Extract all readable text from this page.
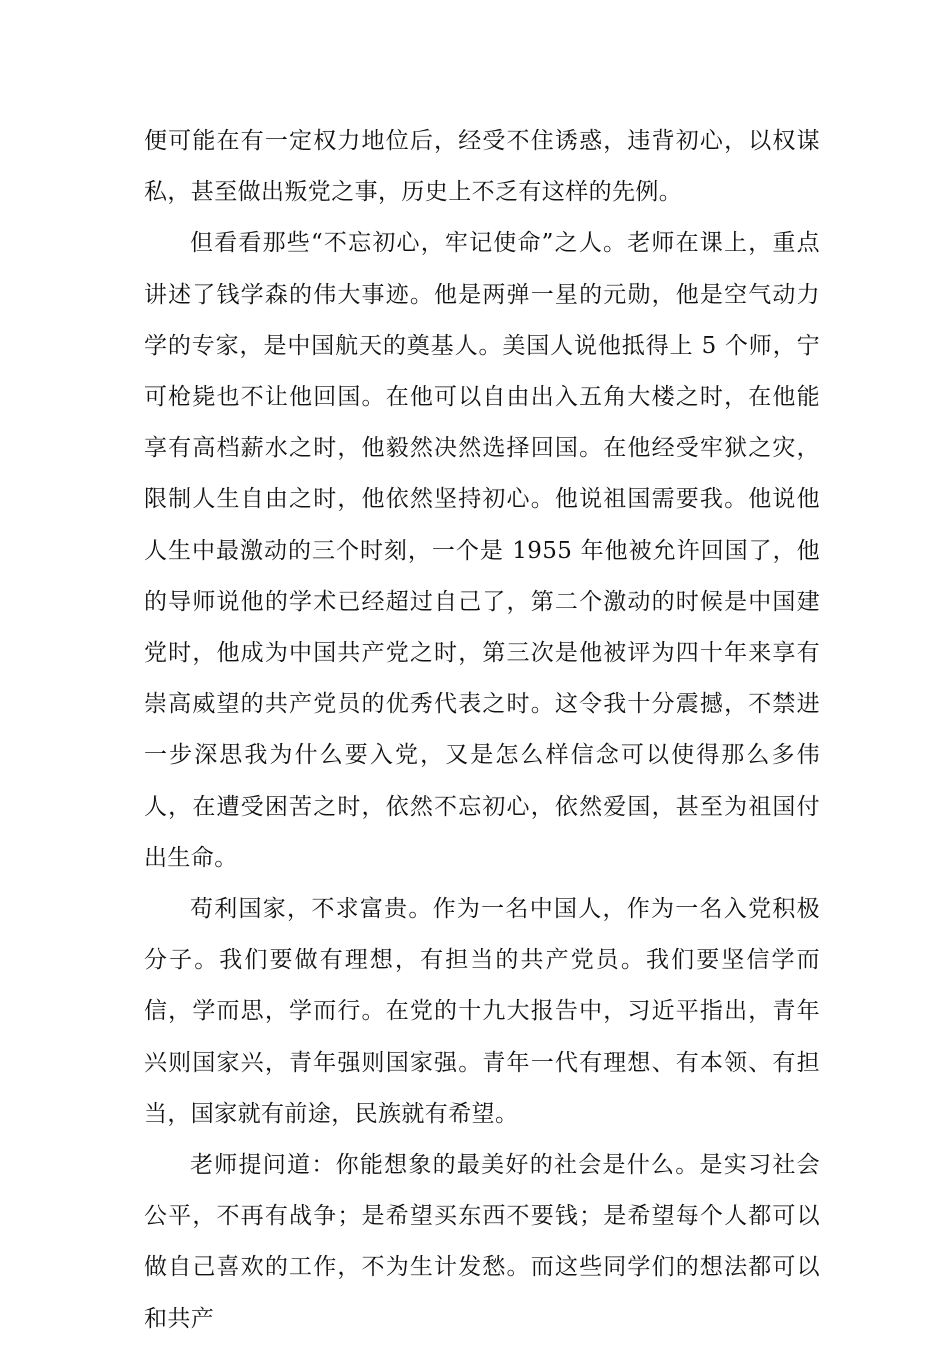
便可能在有一定权力地位后，经受不住诱惑，违背初心，以权谋私，甚至做出叛党之事，历史上不乏有这样的先例。

但看看那些“不忘初心，牢记使命”之人。老师在课上，重点讲述了钱学森的伟大事迹。他是两弹一星的元勋，他是空气动力学的专家，是中国航天的奠基人。美国人说他抵得上 5 个师，宁可枪毙也不让他回国。在他可以自由出入五角大楼之时，在他能享有高档薪水之时，他毅然决然选择回国。在他经受牢狱之灾，限制人生自由之时，他依然坚持初心。他说祖国需要我。他说他人生中最激动的三个时刻，一个是 1955 年他被允许回国了，他的导师说他的学术已经超过自己了，第二个激动的时候是中国建党时，他成为中国共产党之时，第三次是他被评为四十年来享有崇高威望的共产党员的优秀代表之时。这令我十分震撼，不禁进一步深思我为什么要入党，又是怎么样信念可以使得那么多伟人，在遭受困苦之时，依然不忘初心，依然爱国，甚至为祖国付出生命。

苟利国家，不求富贵。作为一名中国人，作为一名入党积极分子。我们要做有理想，有担当的共产党员。我们要坚信学而信，学而思，学而行。在党的十九大报告中，习近平指出，青年兴则国家兴，青年强则国家强。青年一代有理想、有本领、有担当，国家就有前途，民族就有希望。

老师提问道：你能想象的最美好的社会是什么。是实习社会公平，不再有战争；是希望买东西不要钱；是希望每个人都可以做自己喜欢的工作，不为生计发愁。而这些同学们的想法都可以和共产
